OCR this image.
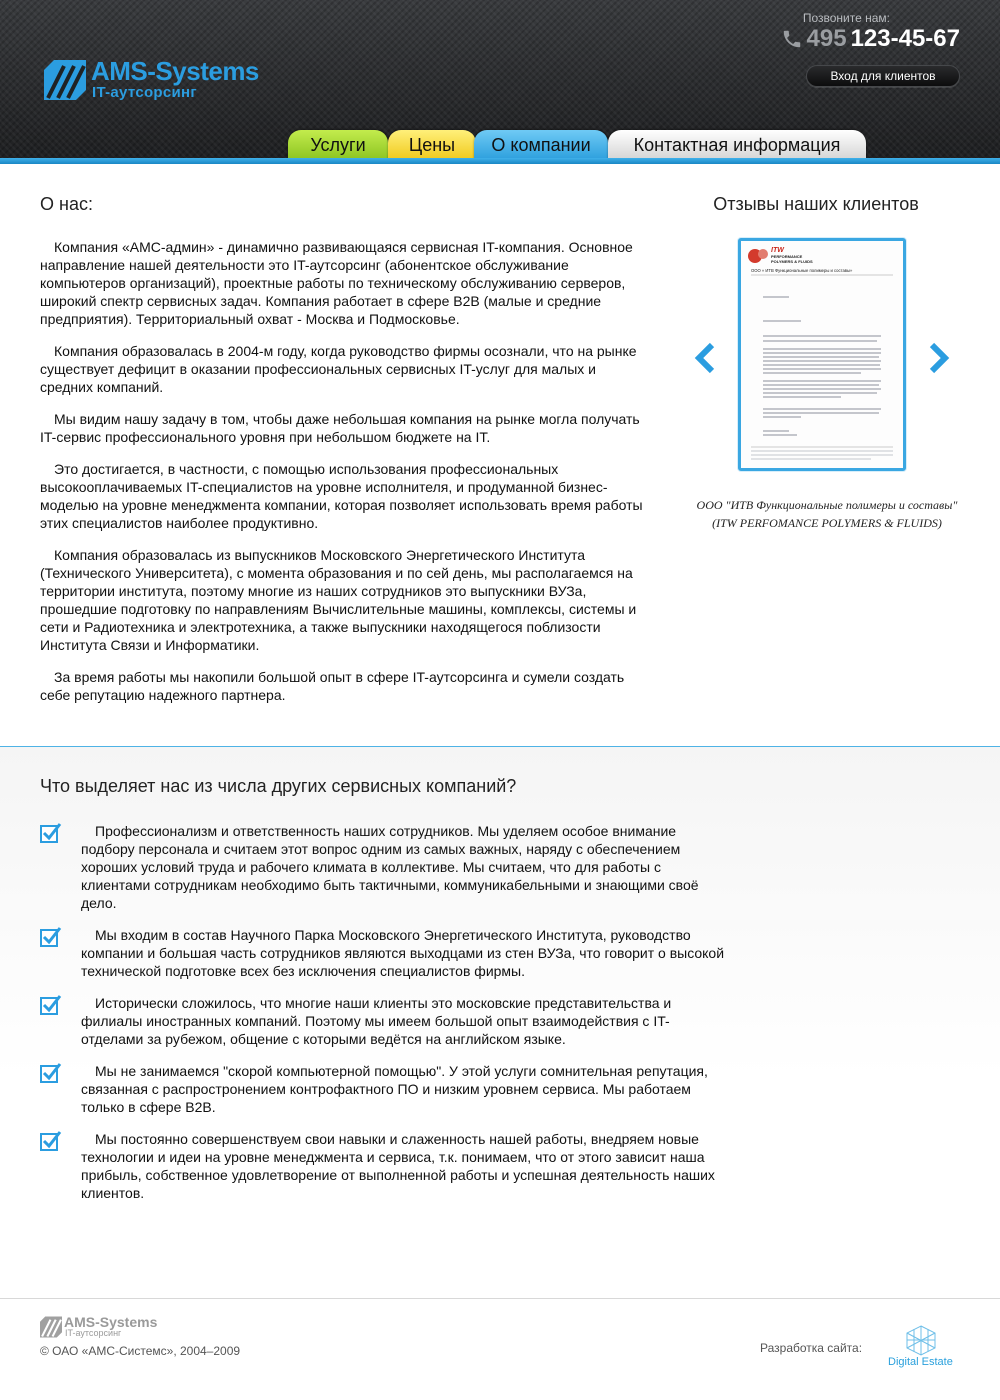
AMS-Systems
IT-аутсорсинг
Позвоните нам:
495 123-45-67
Вход для клиентов
Услуги	Цены	О компании	Контактная информация
О нас:

Компания «АМС-админ» - динамично развивающаяся сервисная IT-компания. Основное направление нашей деятельности это IT-аутсорсинг (абонентское обслуживание компьютеров организаций), проектные работы по техническому обслуживанию серверов, широкий спектр сервисных задач. Компания работает в сфере B2B (малые и средние предприятия). Территориальный охват - Москва и Подмосковье.

Компания образовалась в 2004-м году, когда руководство фирмы осознали, что на рынке существует дефицит в оказании профессиональных сервисных IT-услуг для малых и средних компаний.

Мы видим нашу задачу в том, чтобы даже небольшая компания на рынке могла получать IT-сервис профессионального уровня при небольшом бюджете на IT.

Это достигается, в частности, с помощью использования профессиональных высокооплачиваемых IT-специалистов на уровне исполнителя, и продуманной бизнес-моделью на уровне менеджмента компании, которая позволяет использовать время работы этих специалистов наиболее продуктивно.

Компания образовалась из выпускников Московского Энергетического Института (Технического Университета), с момента образования и по сей день, мы располагаемся на территории института, поэтому многие из наших сотрудников это выпускники ВУЗа, прошедшие подготовку по направлениям Вычислительные машины, комплексы, системы и сети и Радиотехника и электротехника, а также выпускники находящегося поблизости Института Связи и Информатики.

За время работы мы накопили большой опыт в сфере IT-аутсорсинга и сумели создать себе репутацию надежного партнера.

Отзывы наших клиентов
ITW
PERFORMANCE
POLYMERS & FLUIDS
ООО « ИТВ Функциональные полимеры и составы»
ООО "ИТВ Функциональные полимеры и составы"
(ITW PERFOMANCE POLYMERS & FLUIDS)
Что выделяет нас из числа других сервисных компаний?
Профессионализм и ответственность наших сотрудников. Мы уделяем особое внимание подбору персонала и считаем этот вопрос одним из самых важных, наряду с обеспечением хороших условий труда и рабочего климата в коллективе. Мы считаем, что для работы с клиентами сотрудникам необходимо быть тактичными, коммуникабельными и знающими своё дело.
Мы входим в состав Научного Парка Московского Энергетического Института, руководство компании и большая часть сотрудников являются выходцами из стен ВУЗа, что говорит о высокой технической подготовке всех без исключения специалистов фирмы.
Исторически сложилось, что многие наши клиенты это московские представительства и филиалы иностранных компаний. Поэтому мы имеем большой опыт взаимодействия с IT-отделами за рубежом, общение с которыми ведётся на английском языке.
Мы не занимаемся "скорой компьютерной помощью". У этой услуги сомнительная репутация, связанная с распростронением контрофактного ПО и низким уровнем сервиса. Мы работаем только в сфере B2B.
Мы постоянно совершенствуем свои навыки и слаженность нашей работы, внедряем новые технологии и идеи на уровне менеджмента и сервиса, т.к. понимаем, что от этого зависит наша прибыль, собственное удовлетворение от выполненной работы и успешная деятельность наших клиентов.
AMS-Systems
IT-аутсорсинг
© ОАО «АМС-Системс», 2004–2009	Разработка сайта:
Digital Estate
